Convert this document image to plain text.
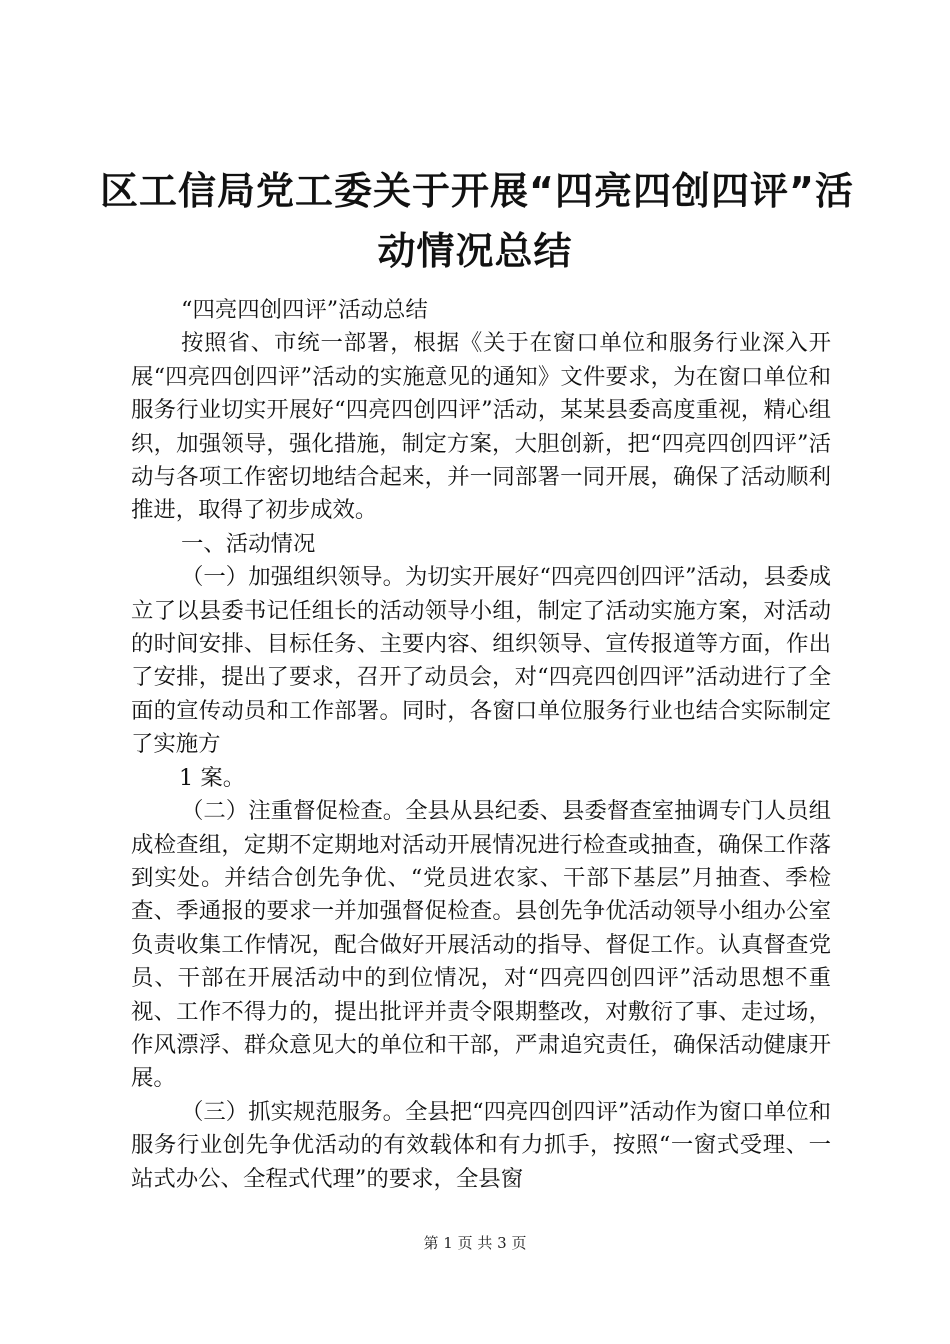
区工信局党工委关于开展“四亮四创四评”活
动情况总结

“四亮四创四评”活动总结

按照省、市统一部署，根据《关于在窗口单位和服务行业深入开展“四亮四创四评”活动的实施意见的通知》文件要求，为在窗口单位和服务行业切实开展好“四亮四创四评”活动，某某县委高度重视，精心组织，加强领导，强化措施，制定方案，大胆创新，把“四亮四创四评”活动与各项工作密切地结合起来，并一同部署一同开展，确保了活动顺利推进，取得了初步成效。

一、活动情况

（一）加强组织领导。为切实开展好“四亮四创四评”活动，县委成立了以县委书记任组长的活动领导小组，制定了活动实施方案，对活动的时间安排、目标任务、主要内容、组织领导、宣传报道等方面，作出了安排，提出了要求，召开了动员会，对“四亮四创四评”活动进行了全面的宣传动员和工作部署。同时，各窗口单位服务行业也结合实际制定了实施方

1 案。

（二）注重督促检查。全县从县纪委、县委督查室抽调专门人员组成检查组，定期不定期地对活动开展情况进行检查或抽查，确保工作落到实处。并结合创先争优、“党员进农家、干部下基层”月抽查、季检查、季通报的要求一并加强督促检查。县创先争优活动领导小组办公室负责收集工作情况，配合做好开展活动的指导、督促工作。认真督查党员、干部在开展活动中的到位情况，对“四亮四创四评”活动思想不重视、工作不得力的，提出批评并责令限期整改，对敷衍了事、走过场，作风漂浮、群众意见大的单位和干部，严肃追究责任，确保活动健康开展。

（三）抓实规范服务。全县把“四亮四创四评”活动作为窗口单位和服务行业创先争优活动的有效载体和有力抓手，按照“一窗式受理、一站式办公、全程式代理”的要求，全县窗

第 1 页 共 3 页
